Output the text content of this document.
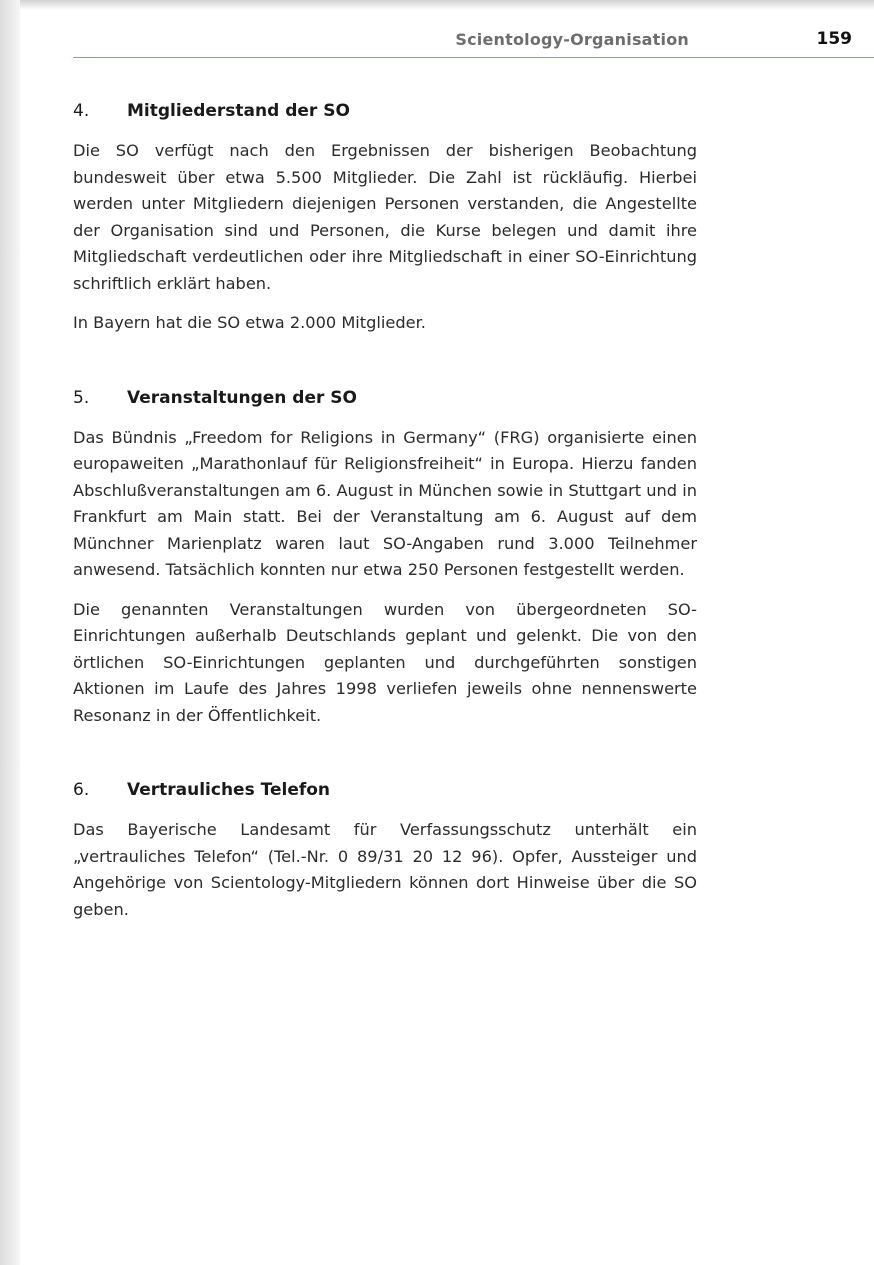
Scientology-Organisation	159
4. Mitgliederstand der SO

Die SO verfügt nach den Ergebnissen der bisherigen Beobachtung bundesweit über etwa 5.500 Mitglieder. Die Zahl ist rückläufig. Hierbei werden unter Mitgliedern diejenigen Personen verstanden, die Angestellte der Organisation sind und Personen, die Kurse belegen und damit ihre Mitgliedschaft verdeutlichen oder ihre Mitgliedschaft in einer SO-Einrichtung schriftlich erklärt haben.

In Bayern hat die SO etwa 2.000 Mitglieder.

5. Veranstaltungen der SO

Das Bündnis „Freedom for Religions in Germany“ (FRG) organisierte einen europaweiten „Marathonlauf für Religionsfreiheit“ in Europa. Hierzu fanden Abschlußveranstaltungen am 6. August in München sowie in Stuttgart und in Frankfurt am Main statt. Bei der Veranstaltung am 6. August auf dem Münchner Marienplatz waren laut SO-Angaben rund 3.000 Teilnehmer anwesend. Tatsächlich konnten nur etwa 250 Personen festgestellt werden.

Die genannten Veranstaltungen wurden von übergeordneten SO-Einrichtungen außerhalb Deutschlands geplant und gelenkt. Die von den örtlichen SO-Einrichtungen geplanten und durchgeführten sonstigen Aktionen im Laufe des Jahres 1998 verliefen jeweils ohne nennenswerte Resonanz in der Öffentlichkeit.

6. Vertrauliches Telefon

Das Bayerische Landesamt für Verfassungsschutz unterhält ein „vertrauliches Telefon“ (Tel.-Nr. 0 89/31 20 12 96). Opfer, Aussteiger und Angehörige von Scientology-Mitgliedern können dort Hinweise über die SO geben.
